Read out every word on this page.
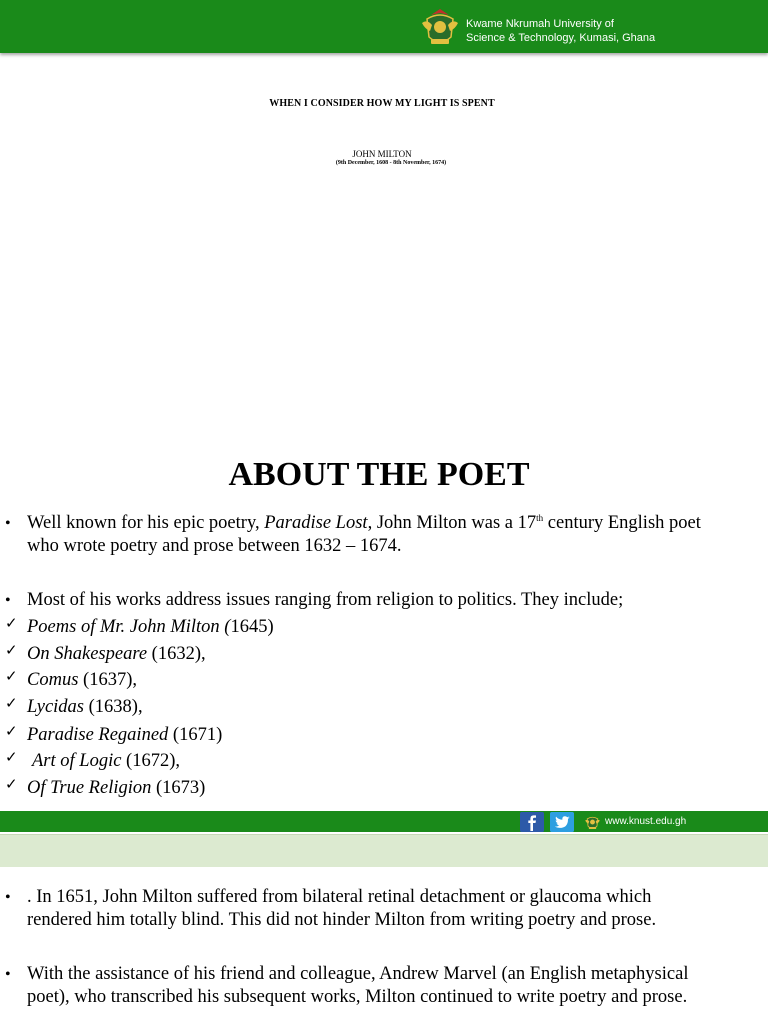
Kwame Nkrumah University of
Science & Technology, Kumasi, Ghana
WHEN I CONSIDER HOW MY LIGHT IS SPENT
JOHN MILTON
(9th December, 1608 - 8th November, 1674)
ABOUT THE POET
• Well known for his epic poetry, Paradise Lost, John Milton was a 17th century English poet who wrote poetry and prose between 1632 – 1674.
• Most of his works address issues ranging from religion to politics. They include;
✓ Poems of Mr. John Milton (1645)
✓ On Shakespeare (1632),
✓ Comus (1637),
✓ Lycidas (1638),
✓ Paradise Regained (1671)
✓ Art of Logic (1672),
✓ Of True Religion (1673)
www.knust.edu.gh
• . In 1651, John Milton suffered from bilateral retinal detachment or glaucoma which rendered him totally blind. This did not hinder Milton from writing poetry and prose.
• With the assistance of his friend and colleague, Andrew Marvel (an English metaphysical poet), who transcribed his subsequent works, Milton continued to write poetry and prose.
